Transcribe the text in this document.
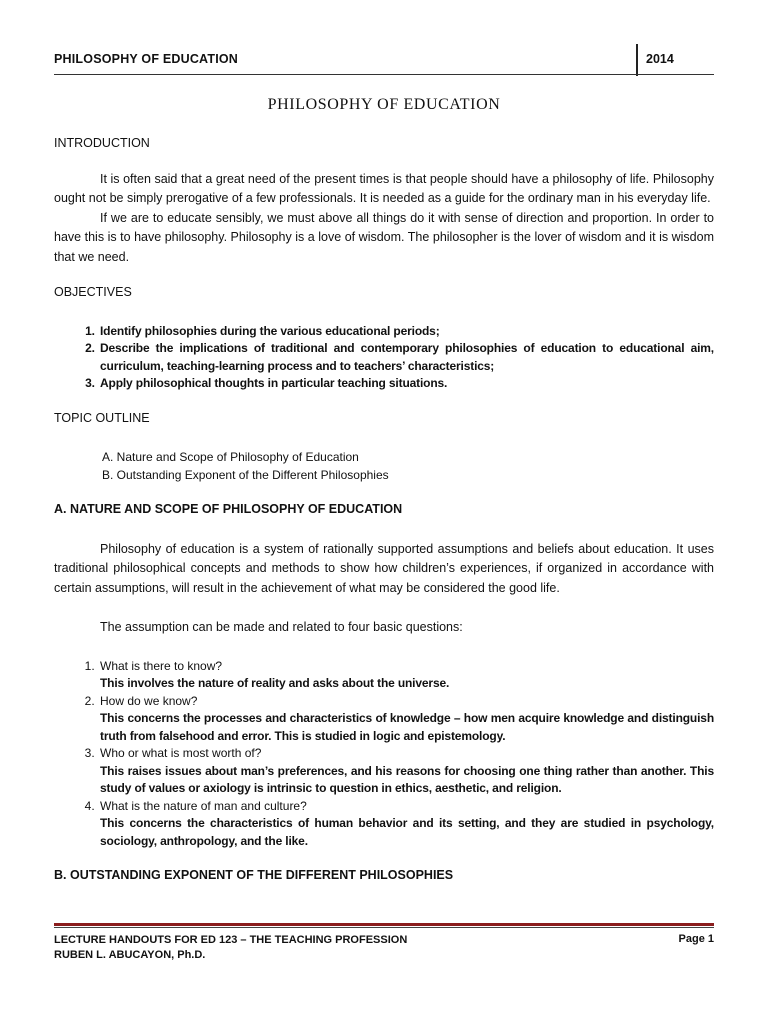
PHILOSOPHY OF EDUCATION	2014
PHILOSOPHY OF EDUCATION

INTRODUCTION

It is often said that a great need of the present times is that people should have a philosophy of life. Philosophy ought not be simply prerogative of a few professionals. It is needed as a guide for the ordinary man in his everyday life.

If we are to educate sensibly, we must above all things do it with sense of direction and proportion. In order to have this is to have philosophy. Philosophy is a love of wisdom. The philosopher is the lover of wisdom and it is wisdom that we need.

OBJECTIVES

1. Identify philosophies during the various educational periods;
2. Describe the implications of traditional and contemporary philosophies of education to educational aim, curriculum, teaching-learning process and to teachers’ characteristics;
3. Apply philosophical thoughts in particular teaching situations.

TOPIC OUTLINE

A. Nature and Scope of Philosophy of Education
B. Outstanding Exponent of the Different Philosophies

A. NATURE AND SCOPE OF PHILOSOPHY OF EDUCATION

Philosophy of education is a system of rationally supported assumptions and beliefs about education. It uses traditional philosophical concepts and methods to show how children’s experiences, if organized in accordance with certain assumptions, will result in the achievement of what may be considered the good life.

The assumption can be made and related to four basic questions:

1. What is there to know?
This involves the nature of reality and asks about the universe.
2. How do we know?
This concerns the processes and characteristics of knowledge – how men acquire knowledge and distinguish truth from falsehood and error. This is studied in logic and epistemology.
3. Who or what is most worth of?
This raises issues about man’s preferences, and his reasons for choosing one thing rather than another. This study of values or axiology is intrinsic to question in ethics, aesthetic, and religion.
4. What is the nature of man and culture?
This concerns the characteristics of human behavior and its setting, and they are studied in psychology, sociology, anthropology, and the like.

B. OUTSTANDING EXPONENT OF THE DIFFERENT PHILOSOPHIES

LECTURE HANDOUTS FOR ED 123 – THE TEACHING PROFESSION
RUBEN L. ABUCAYON, Ph.D.
Page 1
